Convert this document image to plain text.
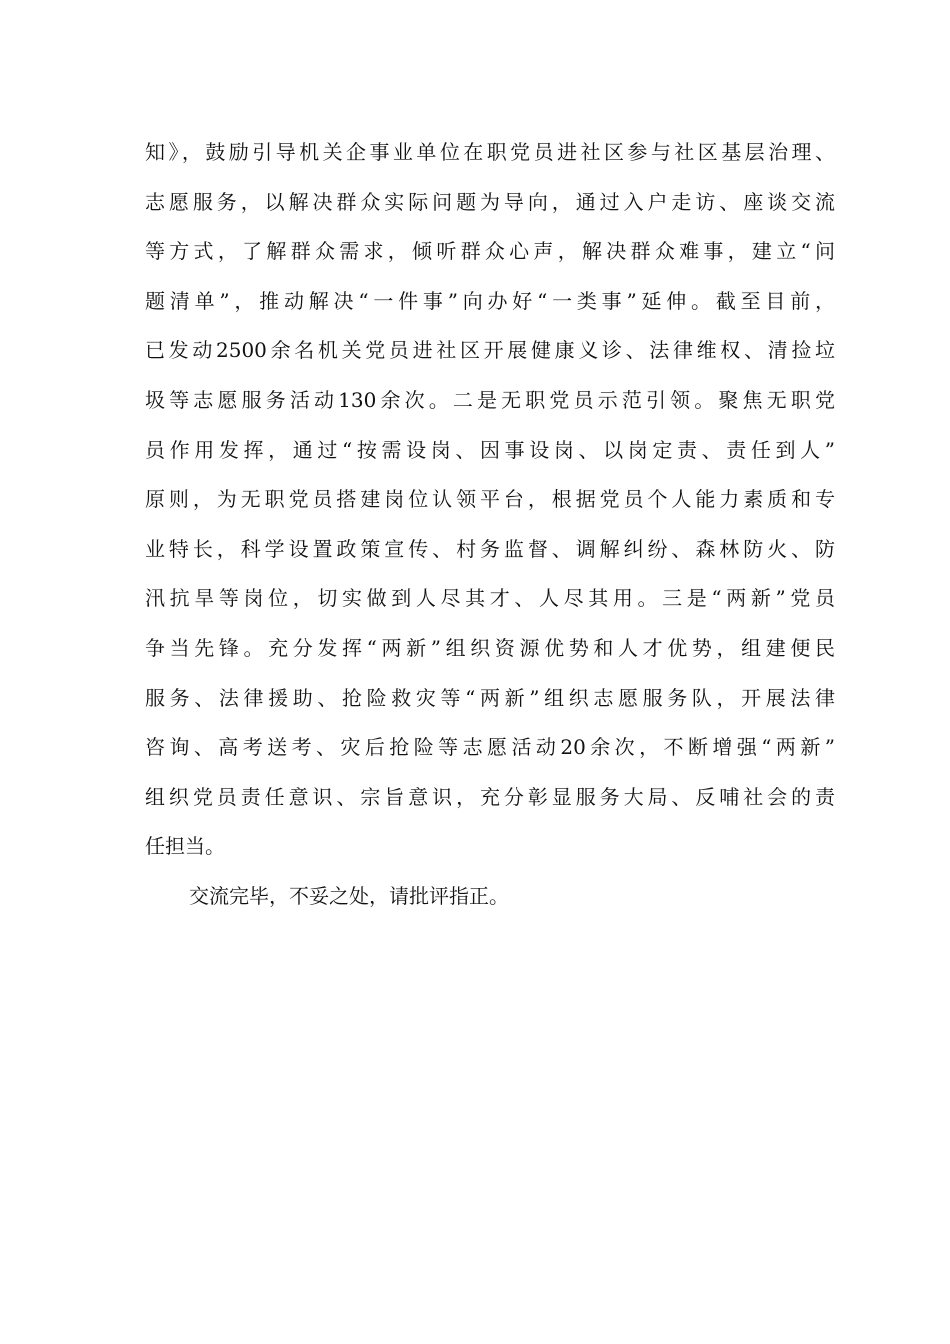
知》，鼓励引导机关企事业单位在职党员进社区参与社区基层治理、
志愿服务，以解决群众实际问题为导向，通过入户走访、座谈交流
等方式，了解群众需求，倾听群众心声，解决群众难事，建立“问
题清单”，推动解决“一件事”向办好“一类事”延伸。截至目前，
已发动2500余名机关党员进社区开展健康义诊、法律维权、清捡垃
圾等志愿服务活动130余次。二是无职党员示范引领。聚焦无职党
员作用发挥，通过“按需设岗、因事设岗、以岗定责、责任到人”
原则，为无职党员搭建岗位认领平台，根据党员个人能力素质和专
业特长，科学设置政策宣传、村务监督、调解纠纷、森林防火、防
汛抗旱等岗位，切实做到人尽其才、人尽其用。三是“两新”党员
争当先锋。充分发挥“两新”组织资源优势和人才优势，组建便民
服务、法律援助、抢险救灾等“两新”组织志愿服务队，开展法律
咨询、高考送考、灾后抢险等志愿活动20余次，不断增强“两新”
组织党员责任意识、宗旨意识，充分彰显服务大局、反哺社会的责
任担当。
交流完毕，不妥之处，请批评指正。
